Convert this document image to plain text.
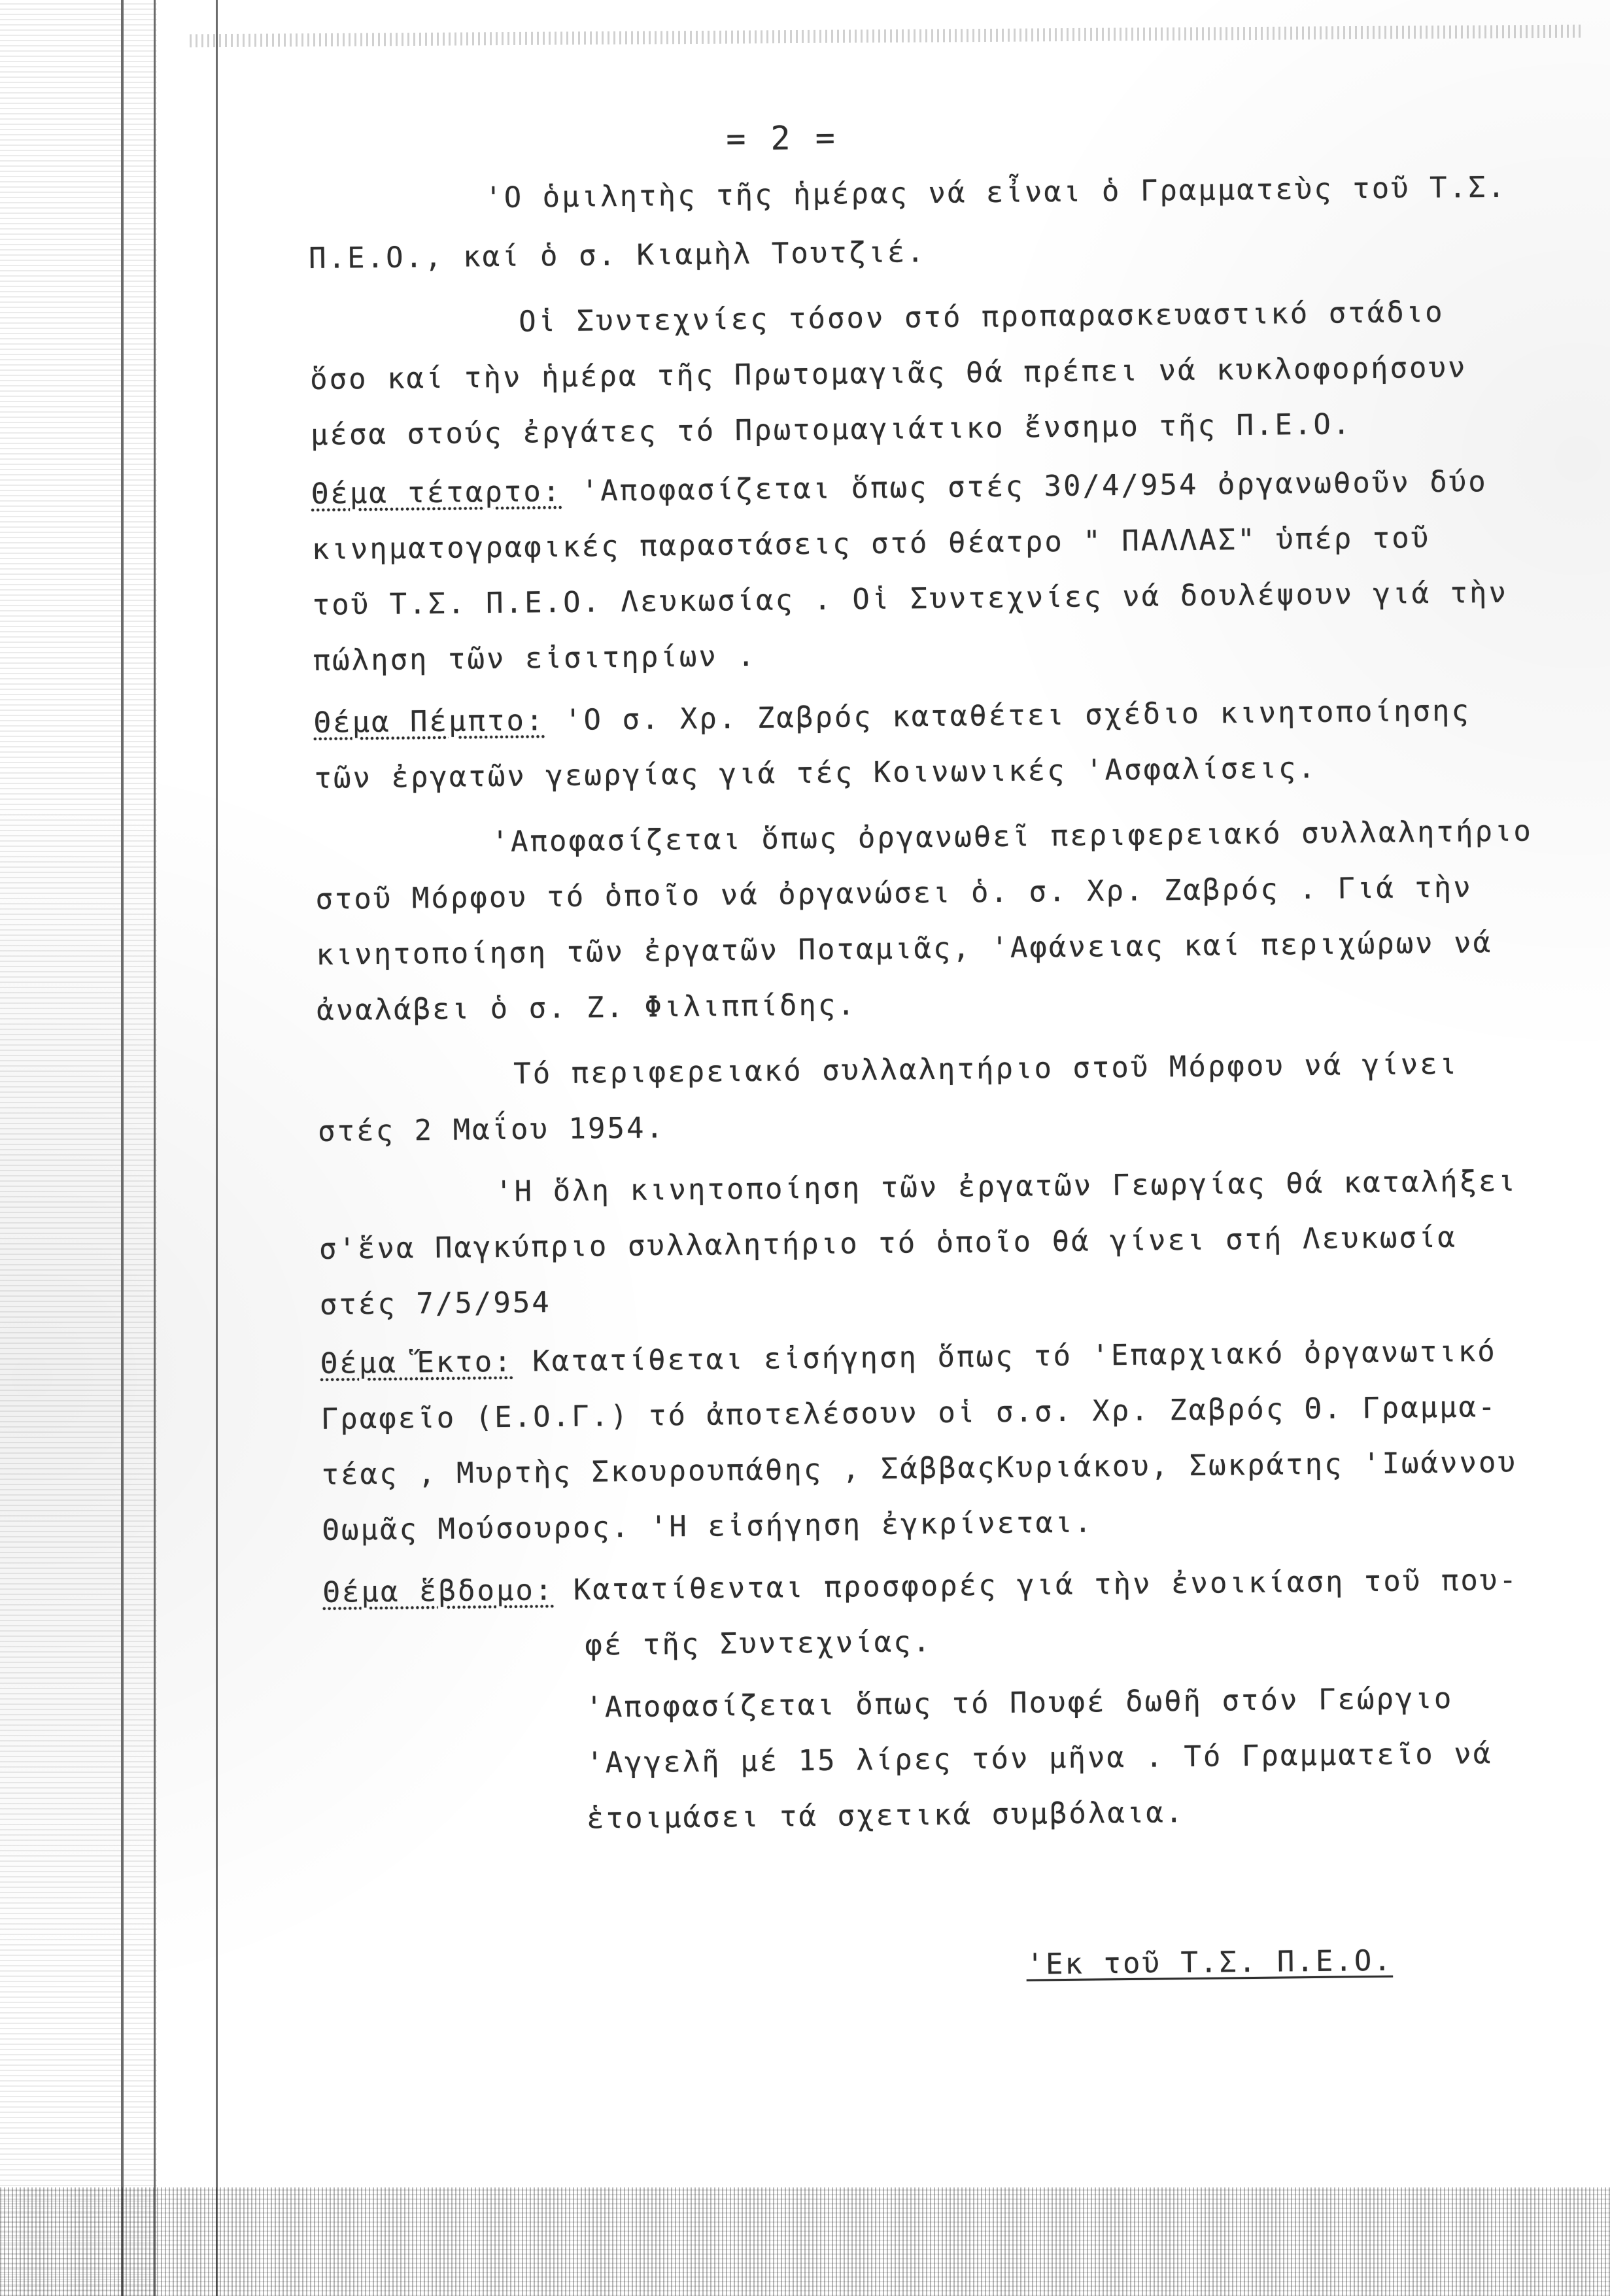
= 2 =
'Ο ὁμιλητὴς τῆς ἡμέρας νά εἶναι ὁ Γραμματεὺς τοῦ Τ.Σ.
Π.Ε.Ο., καί ὁ σ. Κιαμὴλ Τουτζιέ.
Οἱ Συντεχνίες τόσον στό προπαρασκευαστικό στάδιο
ὅσο καί τὴν ἡμέρα τῆς Πρωτομαγιᾶς θά πρέπει νά κυκλοφορήσουν
μέσα στούς ἐργάτες τό Πρωτομαγιάτικο ἔνσημο τῆς Π.Ε.Ο.
Θέμα τέταρτο: 'Αποφασίζεται ὅπως στές 30/4/954 ὀργανωθοῦν δύο
κινηματογραφικές παραστάσεις στό θέατρο " ΠΑΛΛΑΣ" ὑπέρ τοῦ
τοῦ Τ.Σ. Π.Ε.Ο. Λευκωσίας . Οἱ Συντεχνίες νά δουλέψουν γιά τὴν
πώληση τῶν εἰσιτηρίων .
Θέμα Πέμπτο: 'Ο σ. Χρ. Ζαβρός καταθέτει σχέδιο κινητοποίησης
τῶν ἐργατῶν γεωργίας γιά τές Κοινωνικές 'Ασφαλίσεις.
'Αποφασίζεται ὅπως ὀργανωθεῖ περιφερειακό συλλαλητήριο
στοῦ Μόρφου τό ὁποῖο νά ὀργανώσει ὁ. σ. Χρ. Ζαβρός . Γιά τὴν
κινητοποίηση τῶν ἐργατῶν Ποταμιᾶς, 'Αφάνειας καί περιχώρων νά
ἀναλάβει ὁ σ. Ζ. Φιλιππίδης.
Τό περιφερειακό συλλαλητήριο στοῦ Μόρφου νά γίνει
στές 2 Μαΐου 1954.
'Η ὅλη κινητοποίηση τῶν ἐργατῶν Γεωργίας θά καταλήξει
σ'ἕνα Παγκύπριο συλλαλητήριο τό ὁποῖο θά γίνει στή Λευκωσία
στές 7/5/954
Θέμα Ἕκτο: Κατατίθεται εἰσήγηση ὅπως τό 'Επαρχιακό ὀργανωτικό
Γραφεῖο (Ε.Ο.Γ.) τό ἀποτελέσουν οἱ σ.σ. Χρ. Ζαβρός Θ. Γραμμα-
τέας , Μυρτὴς Σκουρουπάθης , ΣάββαςΚυριάκου, Σωκράτης 'Ιωάννου
Θωμᾶς Μούσουρος. 'Η εἰσήγηση ἐγκρίνεται.
Θέμα ἕβδομο: Κατατίθενται προσφορές γιά τὴν ἐνοικίαση τοῦ που-
φέ τῆς Συντεχνίας.
'Αποφασίζεται ὅπως τό Πουφέ δωθῆ στόν Γεώργιο
'Αγγελῆ μέ 15 λίρες τόν μῆνα . Τό Γραμματεῖο νά
ἑτοιμάσει τά σχετικά συμβόλαια.
'Εκ τοῦ Τ.Σ. Π.Ε.Ο.
